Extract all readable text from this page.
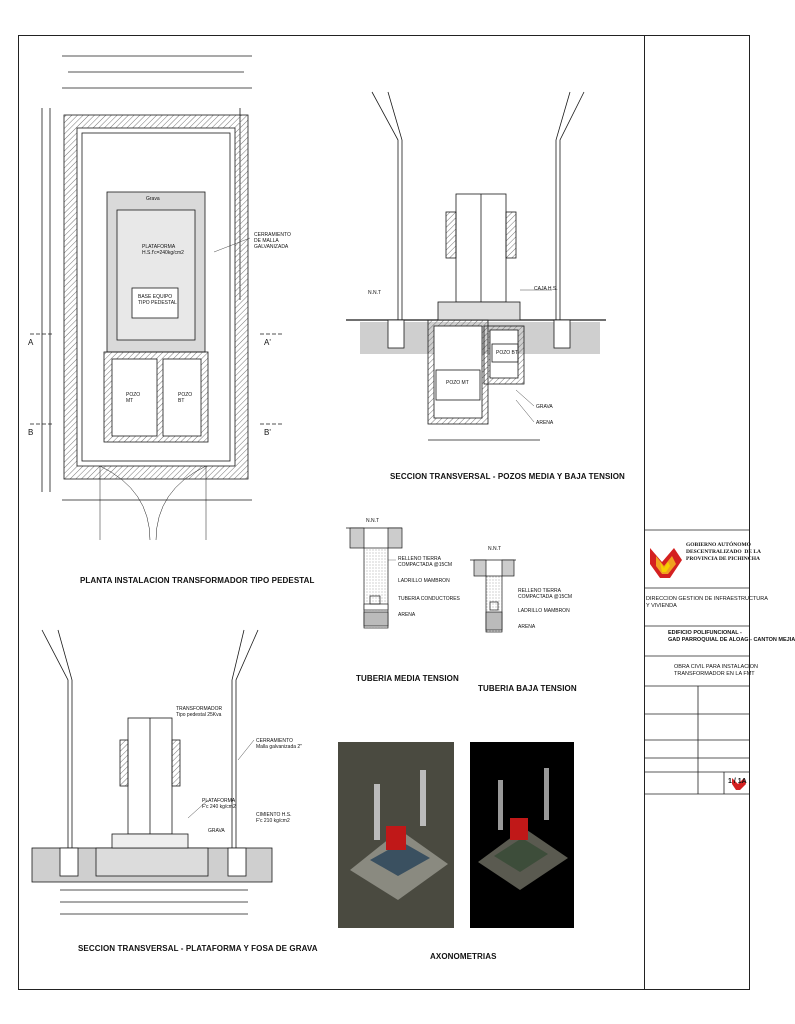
PLANTA INSTALACION TRANSFORMADOR TIPO PEDESTAL
SECCION TRANSVERSAL - POZOS MEDIA Y BAJA TENSION
SECCION TRANSVERSAL - PLATAFORMA Y FOSA DE GRAVA
TUBERIA MEDIA TENSION
TUBERIA BAJA TENSION
AXONOMETRIAS
Grava
PLATAFORMA
H.S.f'c=240kg/cm2
BASE EQUIPO
TIPO PEDESTAL
POZO
MT
POZO
BT
CERRAMIENTO
DE MALLA
GALVANIZADA
A	A'
B	B'
N.N.T
CAJA H.S.
POZO BT
POZO MT
GRAVA
ARENA
N.N.T
RELLENO TIERRA
COMPACTADA @15CM
LADRILLO MAMBRON
TUBERIA CONDUCTORES
ARENA
N.N.T
RELLENO TIERRA
COMPACTADA @15CM
LADRILLO MAMBRON
ARENA
TRANSFORMADOR
Tipo pedestal 25Kva
CERRAMIENTO
Malla galvanizada 2"
PLATAFORMA
F'c 240 kg/cm2
CIMIENTO H.S.
F'c 210 kg/cm2
GRAVA
GOBIERNO AUTÓNOMO
DESCENTRALIZADO  DE LA
PROVINCIA DE PICHINCHA
DIRECCION GESTION DE INFRAESTRUCTURA
Y VIVIENDA
EDIFICIO POLIFUNCIONAL -
GAD PARROQUIAL DE ALOAG - CANTON MEJIA
OBRA CIVIL PARA INSTALACION
TRANSFORMADOR EN LA FMT
1 / 1A
